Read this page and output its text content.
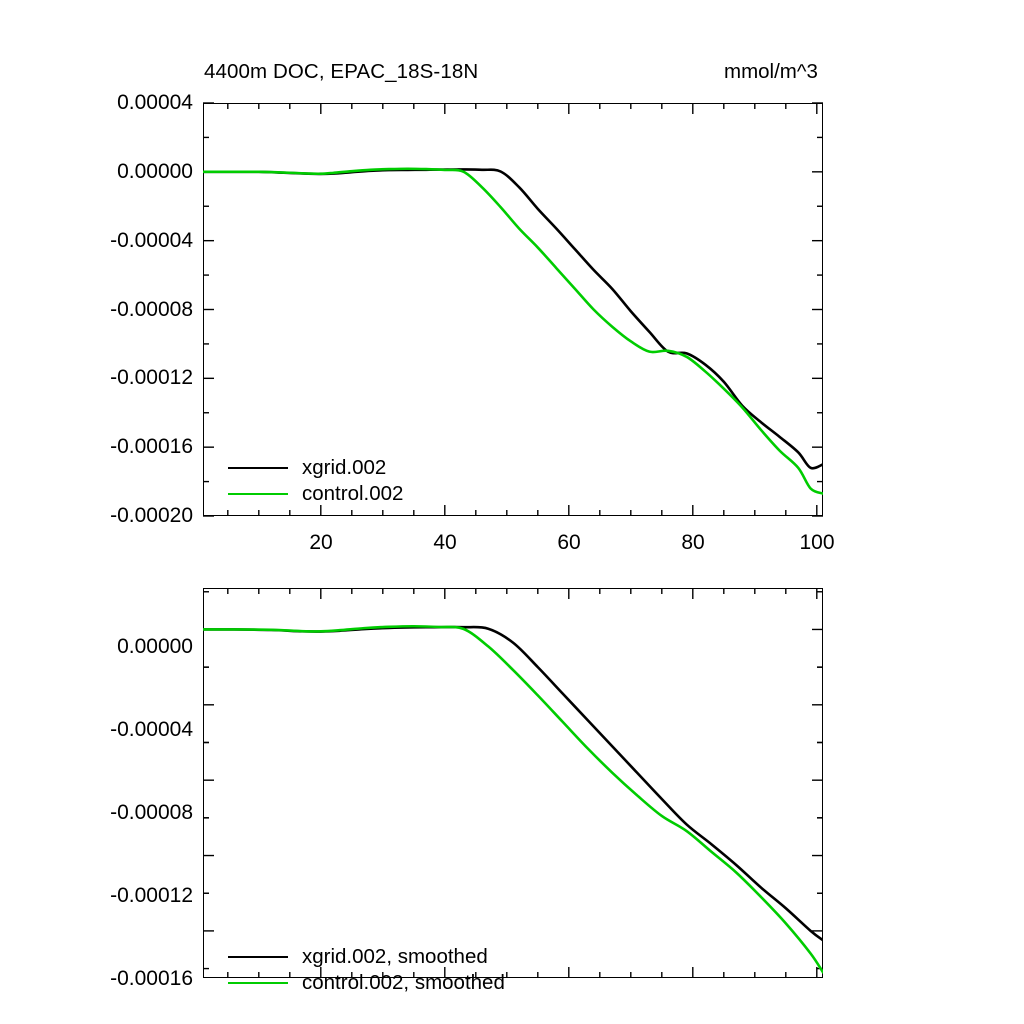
4400m DOC, EPAC_18S-18N	mmol/m^3
0.00004
0.00000
-0.00004
-0.00008
-0.00012
-0.00016
-0.00020
20	40	60	80	100
xgrid.002
control.002
0.00000
-0.00004
-0.00008
-0.00012
-0.00016
xgrid.002, smoothed
control.002, smoothed
